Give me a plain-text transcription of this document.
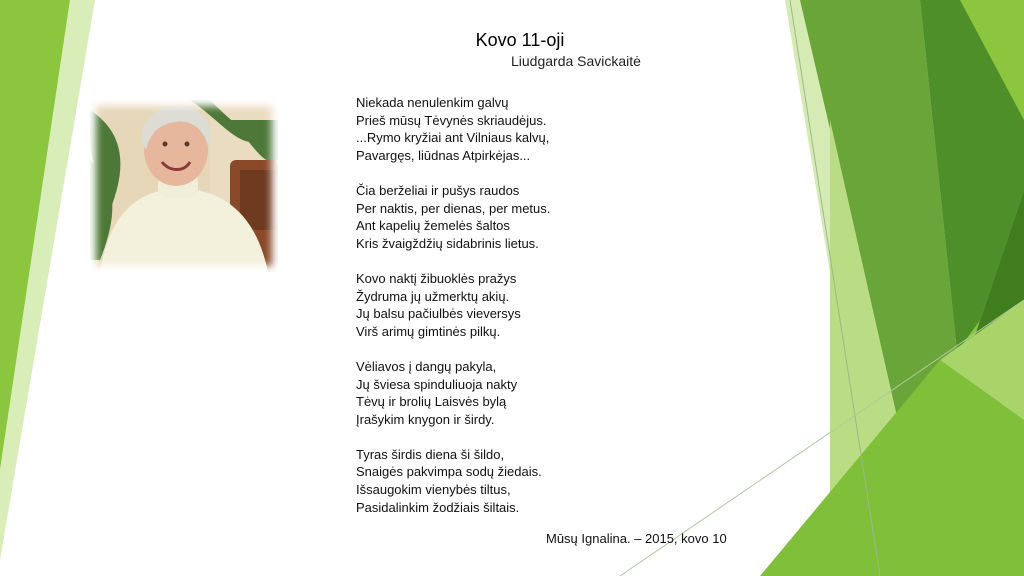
Kovo 11-oji
Liudgarda Savickaitė
Niekada nenulenkim galvų
Prieš mūsų Tėvynės skriaudėjus.
...Rymo kryžiai ant Vilniaus kalvų,
Pavargęs, liūdnas Atpirkėjas...
Čia berželiai ir pušys raudos
Per naktis, per dienas, per metus.
Ant kapelių žemelės šaltos
Kris žvaigždžių sidabrinis lietus.
Kovo naktį žibuoklės pražys
Žydruma jų užmerktų akių.
Jų balsu pačiulbės vieversys
Virš arimų gimtinės pilkų.
Vėliavos į dangų pakyla,
Jų šviesa spinduliuoja nakty
Tėvų ir brolių Laisvės bylą
Įrašykim knygon ir širdy.
Tyras širdis diena ši šildo,
Snaigės pakvimpa sodų žiedais.
Išsaugokim vienybės tiltus,
Pasidalinkim žodžiais šiltais.
Mūsų Ignalina. – 2015, kovo 10
